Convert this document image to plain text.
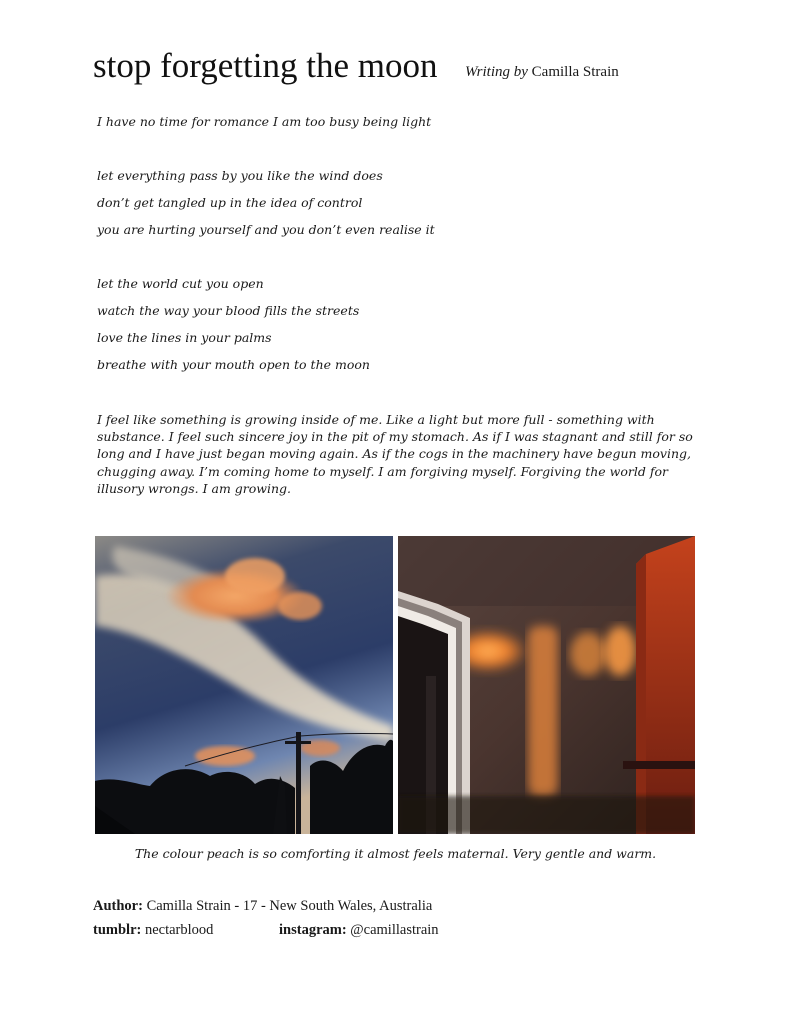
stop forgetting the moon Writing by Camilla Strain
I have no time for romance I am too busy being light
let everything pass by you like the wind does
don’t get tangled up in the idea of control
you are hurting yourself and you don’t even realise it
let the world cut you open
watch the way your blood fills the streets
love the lines in your palms
breathe with your mouth open to the moon
I feel like something is growing inside of me. Like a light but more full - something with substance. I feel such sincere joy in the pit of my stomach. As if I was stagnant and still for so long and I have just began moving again. As if the cogs in the machinery have begun moving, chugging away. I’m coming home to myself. I am forgiving myself. Forgiving the world for illusory wrongs. I am growing.
The colour peach is so comforting it almost feels maternal. Very gentle and warm.
Author: Camilla Strain - 17 - New South Wales, Australia
tumblr: nectarblood	instagram: @camillastrain
